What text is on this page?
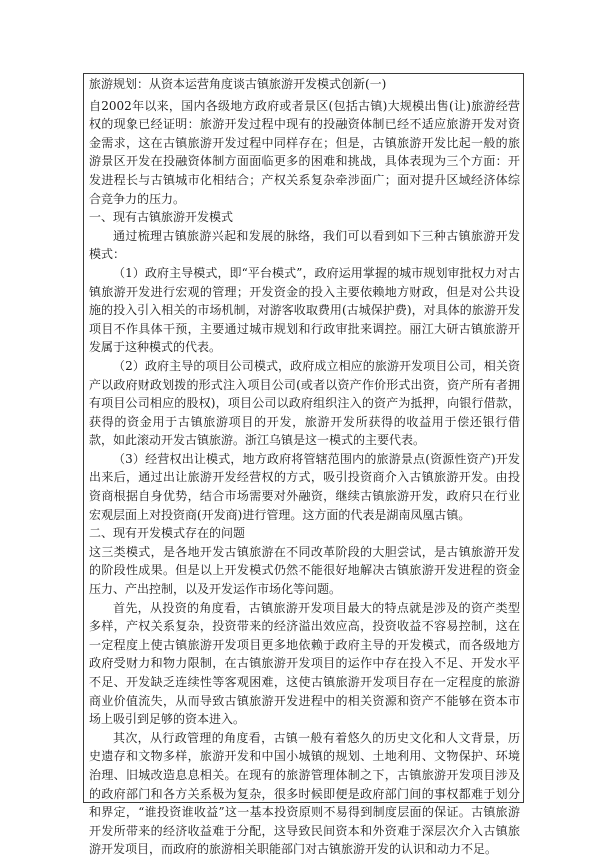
旅游规划：从资本运营角度谈古镇旅游开发模式创新(一)

自2002年以来，国内各级地方政府或者景区(包括古镇)大规模出售(让)旅游经营权的现象已经证明：旅游开发过程中现有的投融资体制已经不适应旅游开发对资金需求，这在古镇旅游开发过程中同样存在；但是，古镇旅游开发比起一般的旅游景区开发在投融资体制方面面临更多的困难和挑战，具体表现为三个方面：开发进程长与古镇城市化相结合；产权关系复杂牵涉面广；面对提升区域经济体综合竞争力的压力。

一、现有古镇旅游开发模式

通过梳理古镇旅游兴起和发展的脉络，我们可以看到如下三种古镇旅游开发模式：

（1）政府主导模式，即“平台模式”，政府运用掌握的城市规划审批权力对古镇旅游开发进行宏观的管理；开发资金的投入主要依赖地方财政，但是对公共设施的投入引入相关的市场机制，对游客收取费用(古城保护费)，对具体的旅游开发项目不作具体干预，主要通过城市规划和行政审批来调控。丽江大研古镇旅游开发属于这种模式的代表。

（2）政府主导的项目公司模式，政府成立相应的旅游开发项目公司，相关资产以政府财政划拨的形式注入项目公司(或者以资产作价形式出资，资产所有者拥有项目公司相应的股权)，项目公司以政府组织注入的资产为抵押，向银行借款，获得的资金用于古镇旅游项目的开发，旅游开发所获得的收益用于偿还银行借款，如此滚动开发古镇旅游。浙江乌镇是这一模式的主要代表。

（3）经营权出让模式，地方政府将管辖范围内的旅游景点(资源性资产)开发出来后，通过出让旅游开发经营权的方式，吸引投资商介入古镇旅游开发。由投资商根据自身优势，结合市场需要对外融资，继续古镇旅游开发，政府只在行业宏观层面上对投资商(开发商)进行管理。这方面的代表是湖南凤凰古镇。

二、现有开发模式存在的问题

这三类模式，是各地开发古镇旅游在不同改革阶段的大胆尝试，是古镇旅游开发的阶段性成果。但是以上开发模式仍然不能很好地解决古镇旅游开发进程的资金压力、产出控制，以及开发运作市场化等问题。

首先，从投资的角度看，古镇旅游开发项目最大的特点就是涉及的资产类型多样，产权关系复杂，投资带来的经济溢出效应高，投资收益不容易控制，这在一定程度上使古镇旅游开发项目更多地依赖于政府主导的开发模式，而各级地方政府受财力和物力限制，在古镇旅游开发项目的运作中存在投入不足、开发水平不足、开发缺乏连续性等客观困难，这使古镇旅游开发项目存在一定程度的旅游商业价值流失，从而导致古镇旅游开发进程中的相关资源和资产不能够在资本市场上吸引到足够的资本进入。

其次，从行政管理的角度看，古镇一般有着悠久的历史文化和人文背景，历史遗存和文物多样，旅游开发和中国小城镇的规划、土地利用、文物保护、环境治理、旧城改造息息相关。在现有的旅游管理体制之下，古镇旅游开发项目涉及的政府部门和各方关系极为复杂，很多时候即便是政府部门间的事权都难于划分和界定，“谁投资谁收益”这一基本投资原则不易得到制度层面的保证。古镇旅游开发所带来的经济收益难于分配，这导致民间资本和外资难于深层次介入古镇旅游开发项目，而政府的旅游相关职能部门对古镇旅游开发的认识和动力不足。
